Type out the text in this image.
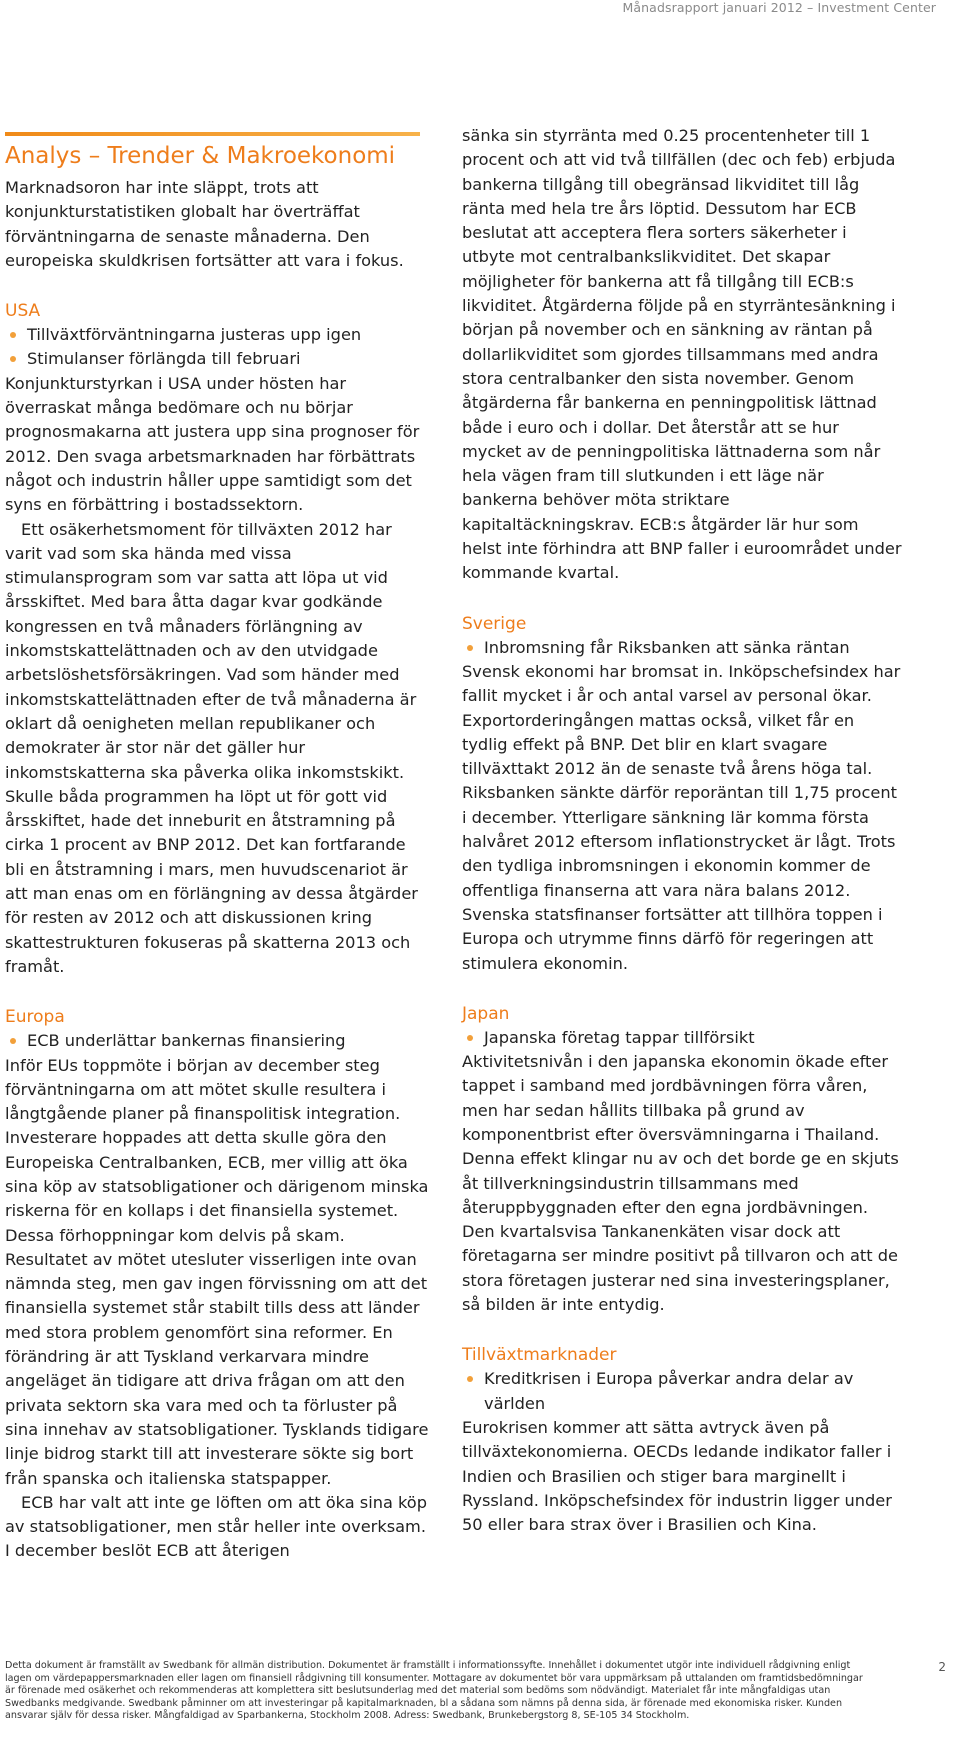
Månadsrapport januari 2012 – Investment Center
Analys – Trender & Makroekonomi

Marknadsoron har inte släppt, trots att konjunkturstatistiken globalt har överträffat förväntningarna de senaste månaderna. Den europeiska skuldkrisen fortsätter att vara i fokus.

USA

Tillväxtförväntningarna justeras upp igen

Stimulanser förlängda till februari

Konjunkturstyrkan i USA under hösten har överraskat många bedömare och nu börjar prognosmakarna att justera upp sina prognoser för 2012. Den svaga arbetsmarknaden har förbättrats något och industrin håller uppe samtidigt som det syns en förbättring i bostadssektorn.

Ett osäkerhetsmoment för tillväxten 2012 har varit vad som ska hända med vissa stimulansprogram som var satta att löpa ut vid årsskiftet. Med bara åtta dagar kvar godkände kongressen en två månaders förlängning av inkomstskattelättnaden och av den utvidgade arbetslöshetsförsäkringen. Vad som händer med inkomstskattelättnaden efter de två månaderna är oklart då oenigheten mellan republikaner och demokrater är stor när det gäller hur inkomstskatterna ska påverka olika inkomstskikt. Skulle båda programmen ha löpt ut för gott vid årsskiftet, hade det inneburit en åtstramning på cirka 1 procent av BNP 2012. Det kan fortfarande bli en åtstramning i mars, men huvudscenariot är att man enas om en förlängning av dessa åtgärder för resten av 2012 och att diskussionen kring skattestrukturen fokuseras på skatterna 2013 och framåt.

Europa

ECB underlättar bankernas finansiering

Inför EUs toppmöte i början av december steg förväntningarna om att mötet skulle resultera i långtgående planer på finanspolitisk integration. Investerare hoppades att detta skulle göra den Europeiska Centralbanken, ECB, mer villig att öka sina köp av statsobligationer och därigenom minska riskerna för en kollaps i det finansiella systemet. Dessa förhoppningar kom delvis på skam. Resultatet av mötet utesluter visserligen inte ovan nämnda steg, men gav ingen förvissning om att det finansiella systemet står stabilt tills dess att länder med stora problem genomfört sina reformer. En förändring är att Tyskland verkarvara mindre angeläget än tidigare att driva frågan om att den privata sektorn ska vara med och ta förluster på sina innehav av statsobligationer. Tysklands tidigare linje bidrog starkt till att investerare sökte sig bort från spanska och italienska statspapper.

ECB har valt att inte ge löften om att öka sina köp av statsobligationer, men står heller inte overksam. I december beslöt ECB att återigen

sänka sin styrränta med 0.25 procentenheter till 1 procent och att vid två tillfällen (dec och feb) erbjuda bankerna tillgång till obegränsad likviditet till låg ränta med hela tre års löptid. Dessutom har ECB beslutat att acceptera flera sorters säkerheter i utbyte mot centralbankslikviditet. Det skapar möjligheter för bankerna att få tillgång till ECB:s likviditet. Åtgärderna följde på en styrräntesänkning i början på november och en sänkning av räntan på dollarlikviditet som gjordes tillsammans med andra stora centralbanker den sista november. Genom åtgärderna får bankerna en penningpolitisk lättnad både i euro och i dollar. Det återstår att se hur mycket av de penningpolitiska lättnaderna som når hela vägen fram till slutkunden i ett läge när bankerna behöver möta striktare kapitaltäckningskrav. ECB:s åtgärder lär hur som helst inte förhindra att BNP faller i euroområdet under kommande kvartal.

Sverige

Inbromsning får Riksbanken att sänka räntan

Svensk ekonomi har bromsat in. Inköpschefsindex har fallit mycket i år och antal varsel av personal ökar. Exportorderingången mattas också, vilket får en tydlig effekt på BNP. Det blir en klart svagare tillväxttakt 2012 än de senaste två årens höga tal. Riksbanken sänkte därför reporäntan till 1,75 procent i december. Ytterligare sänkning lär komma första halvåret 2012 eftersom inflationstrycket är lågt. Trots den tydliga inbromsningen i ekonomin kommer de offentliga finanserna att vara nära balans 2012. Svenska statsfinanser fortsätter att tillhöra toppen i Europa och utrymme finns därfö för regeringen att stimulera ekonomin.

Japan

Japanska företag tappar tillförsikt

Aktivitetsnivån i den japanska ekonomin ökade efter tappet i samband med jordbävningen förra våren, men har sedan hållits tillbaka på grund av komponentbrist efter översvämningarna i Thailand. Denna effekt klingar nu av och det borde ge en skjuts åt tillverkningsindustrin tillsammans med återuppbyggnaden efter den egna jordbävningen. Den kvartalsvisa Tankanenkäten visar dock att företagarna ser mindre positivt på tillvaron och att de stora företagen justerar ned sina investeringsplaner, så bilden är inte entydig.

Tillväxtmarknader

Kreditkrisen i Europa påverkar andra delar av världen

Eurokrisen kommer att sätta avtryck även på tillväxtekonomierna. OECDs ledande indikator faller i Indien och Brasilien och stiger bara marginellt i Ryssland. Inköpschefsindex för industrin ligger under 50 eller bara strax över i Brasilien och Kina.

Detta dokument är framställt av Swedbank för allmän distribution. Dokumentet är framställt i informationssyfte. Innehållet i dokumentet utgör inte individuell rådgivning enligt lagen om värdepappersmarknaden eller lagen om finansiell rådgivning till konsumenter. Mottagare av dokumentet bör vara uppmärksam på uttalanden om framtidsbedömningar är förenade med osäkerhet och rekommenderas att komplettera sitt beslutsunderlag med det material som bedöms som nödvändigt. Materialet får inte mångfaldigas utan Swedbanks medgivande. Swedbank påminner om att investeringar på kapitalmarknaden, bl a sådana som nämns på denna sida, är förenade med ekonomiska risker. Kunden ansvarar själv för dessa risker. Mångfaldigad av Sparbankerna, Stockholm 2008. Adress: Swedbank, Brunkebergstorg 8, SE-105 34 Stockholm.
2
